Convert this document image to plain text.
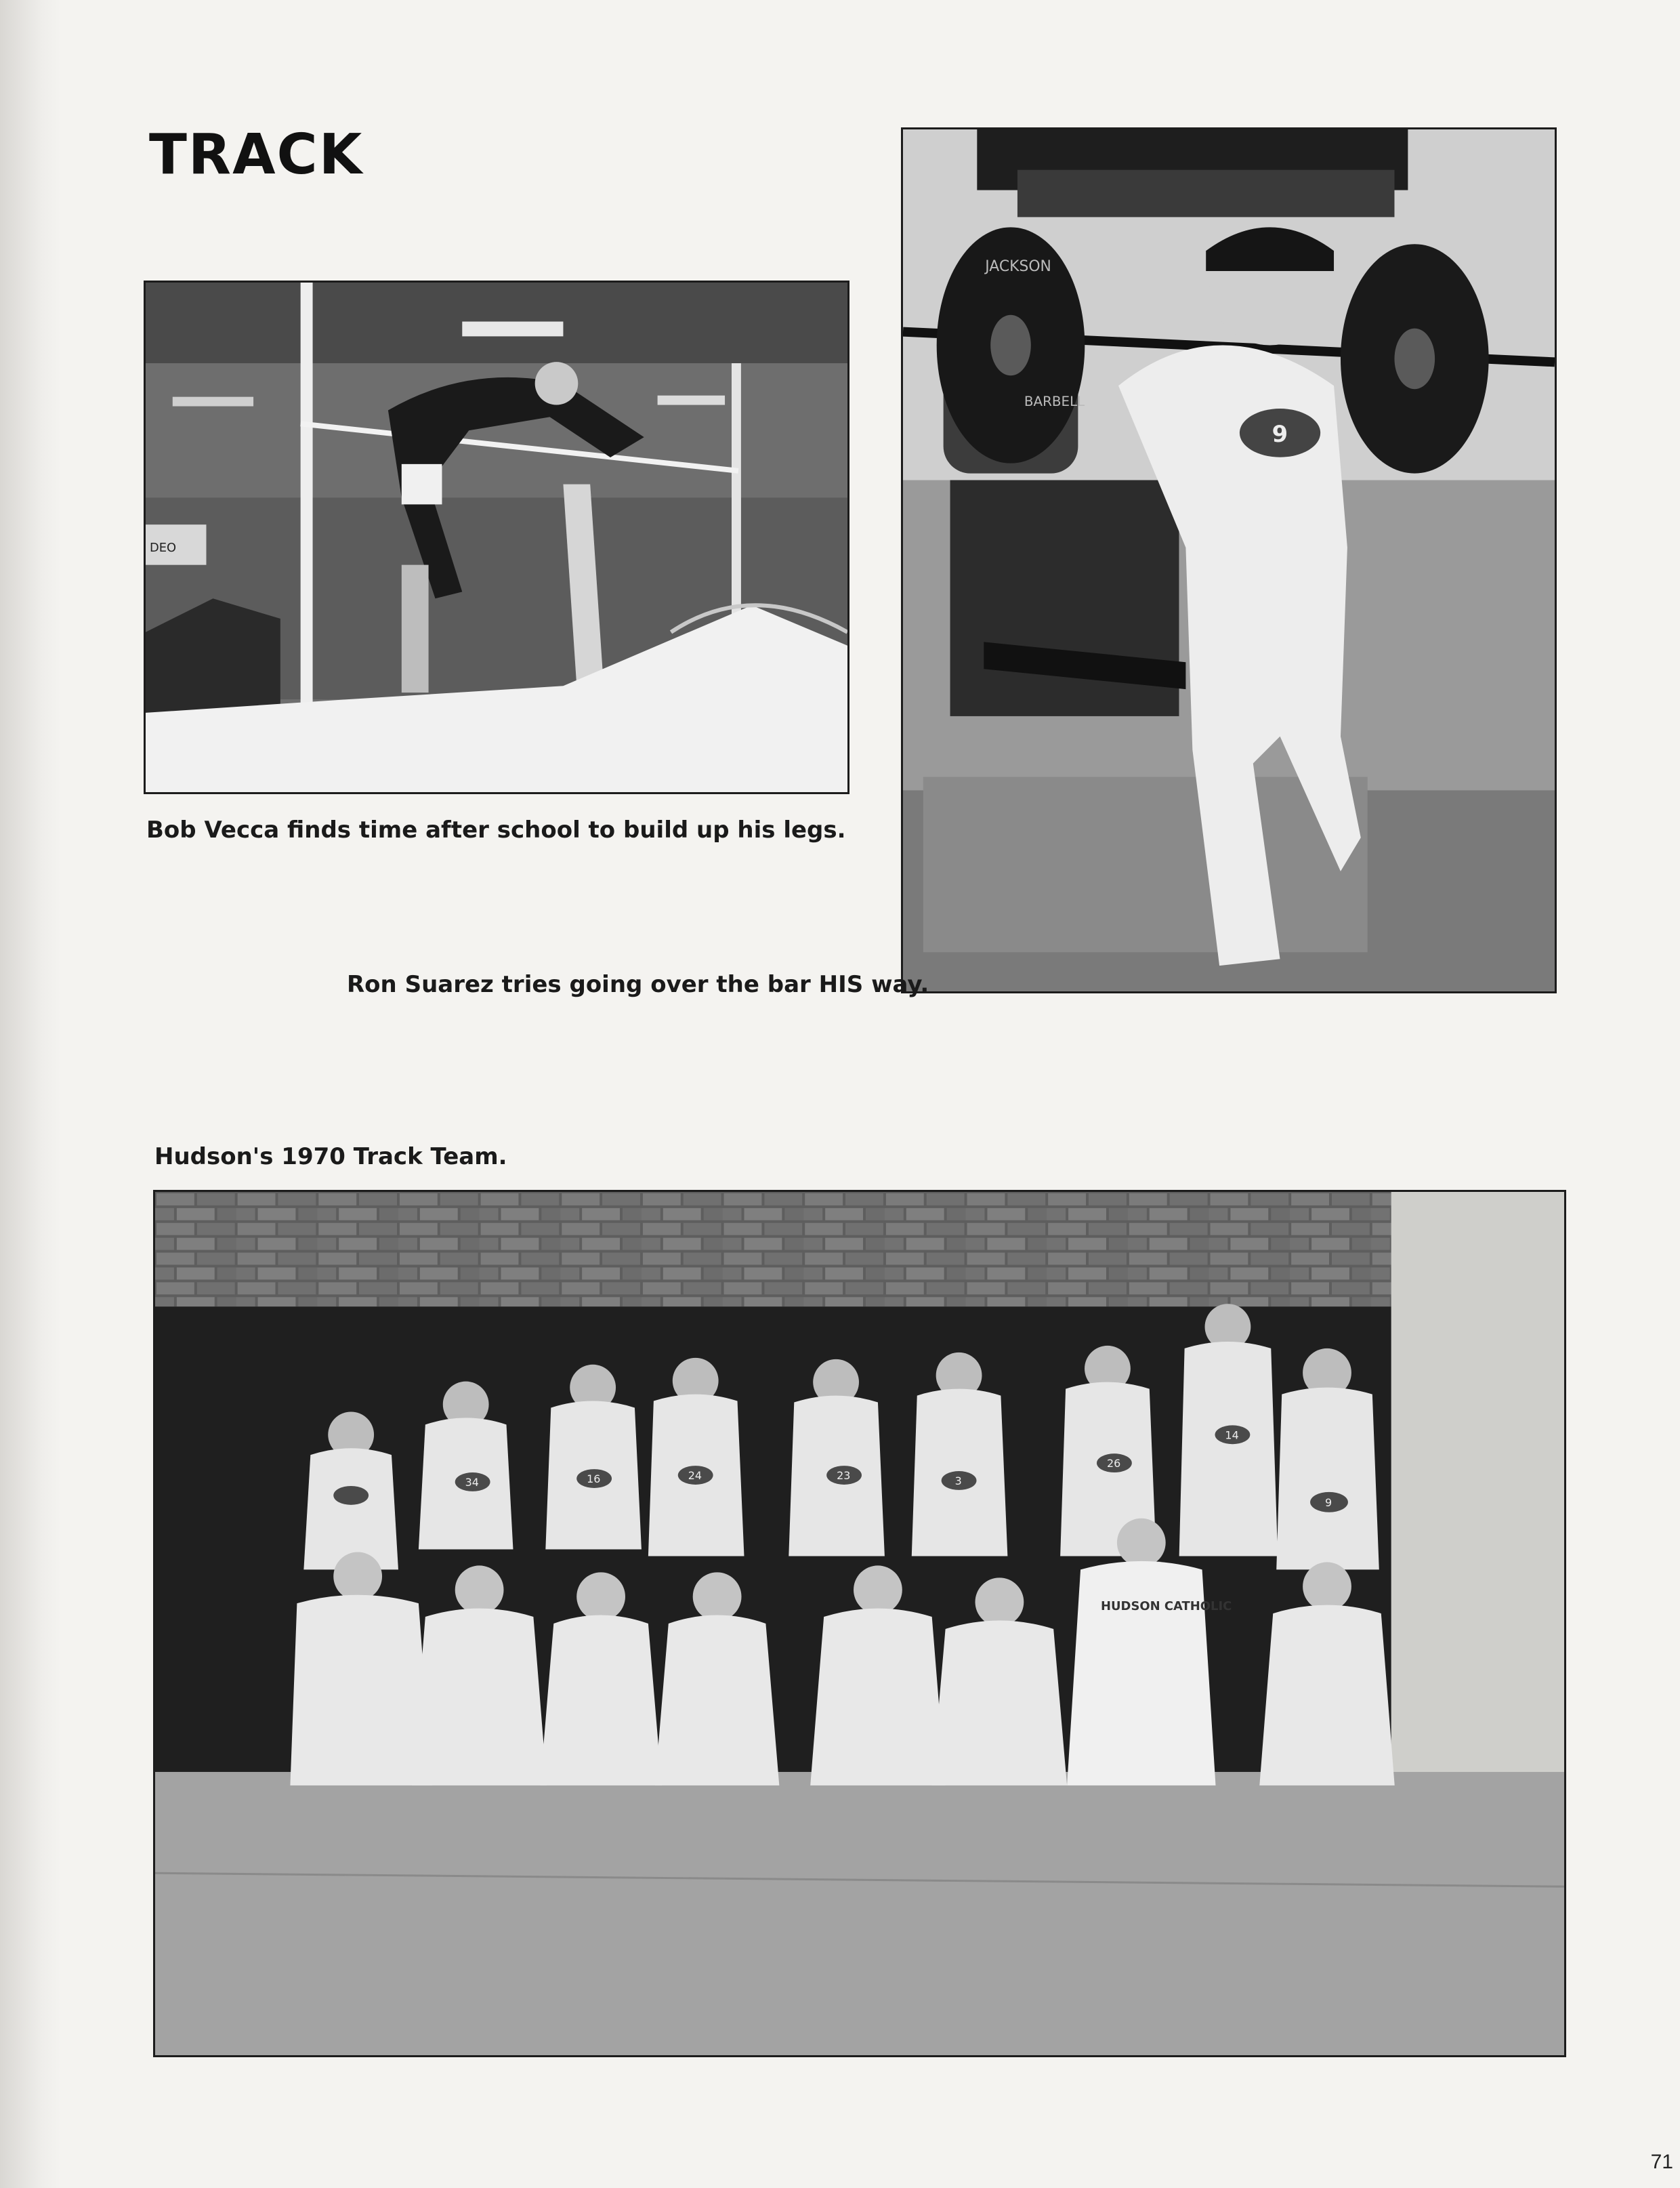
TRACK
DEO
JACKSON
BARBELL
9

Bob Vecca finds time after school to build up his legs.

Ron Suarez tries going over the bar HIS way.

Hudson's 1970 Track Team.

34	16	24	23	3
26
14
9
HUDSON CATHOLIC
71
